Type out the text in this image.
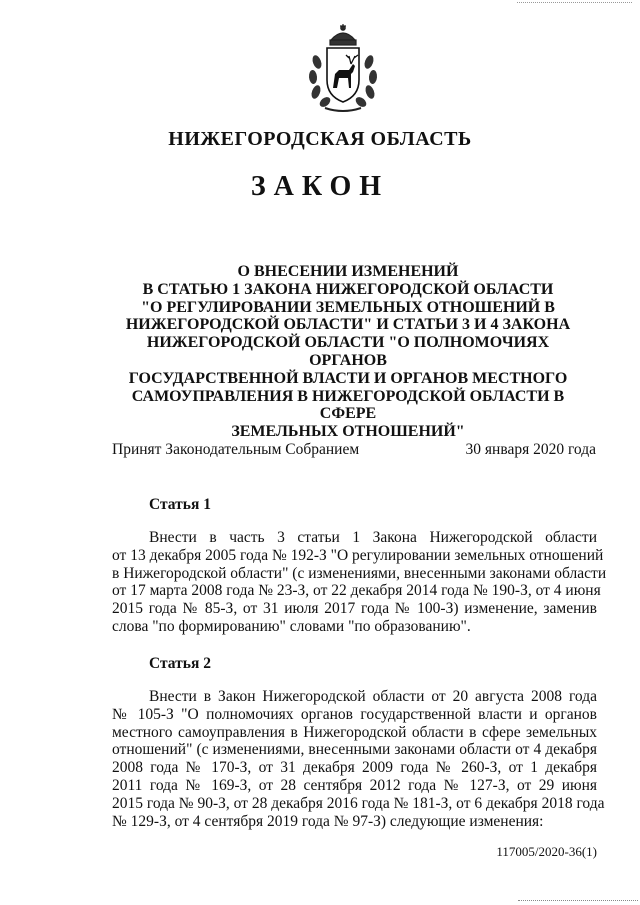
НИЖЕГОРОДСКАЯ ОБЛАСТЬ
ЗАКОН
О ВНЕСЕНИИ ИЗМЕНЕНИЙ
В СТАТЬЮ 1 ЗАКОНА НИЖЕГОРОДСКОЙ ОБЛАСТИ
"О РЕГУЛИРОВАНИИ ЗЕМЕЛЬНЫХ ОТНОШЕНИЙ В
НИЖЕГОРОДСКОЙ ОБЛАСТИ" И СТАТЬИ 3 И 4 ЗАКОНА
НИЖЕГОРОДСКОЙ ОБЛАСТИ "О ПОЛНОМОЧИЯХ ОРГАНОВ
ГОСУДАРСТВЕННОЙ ВЛАСТИ И ОРГАНОВ МЕСТНОГО
САМОУПРАВЛЕНИЯ В НИЖЕГОРОДСКОЙ ОБЛАСТИ В СФЕРЕ
ЗЕМЕЛЬНЫХ ОТНОШЕНИЙ"
Принят Законодательным Собранием	30 января 2020 года
Статья 1
Внести в часть 3 статьи 1 Закона Нижегородской области
от 13 декабря 2005 года № 192-З "О регулировании земельных отношений
в Нижегородской области" (с изменениями, внесенными законами области
от 17 марта 2008 года № 23-З, от 22 декабря 2014 года № 190-З, от 4 июня
2015 года № 85-З, от 31 июля 2017 года № 100-З) изменение, заменив
слова "по формированию" словами "по образованию".
Статья 2
Внести в Закон Нижегородской области от 20 августа 2008 года
№ 105-З "О полномочиях органов государственной власти и органов
местного самоуправления в Нижегородской области в сфере земельных
отношений" (с изменениями, внесенными законами области от 4 декабря
2008 года № 170-З, от 31 декабря 2009 года № 260-З, от 1 декабря
2011 года № 169-З, от 28 сентября 2012 года № 127-З, от 29 июня
2015 года № 90-З, от 28 декабря 2016 года № 181-З, от 6 декабря 2018 года
№ 129-З, от 4 сентября 2019 года № 97-З) следующие изменения:
117005/2020-36(1)
